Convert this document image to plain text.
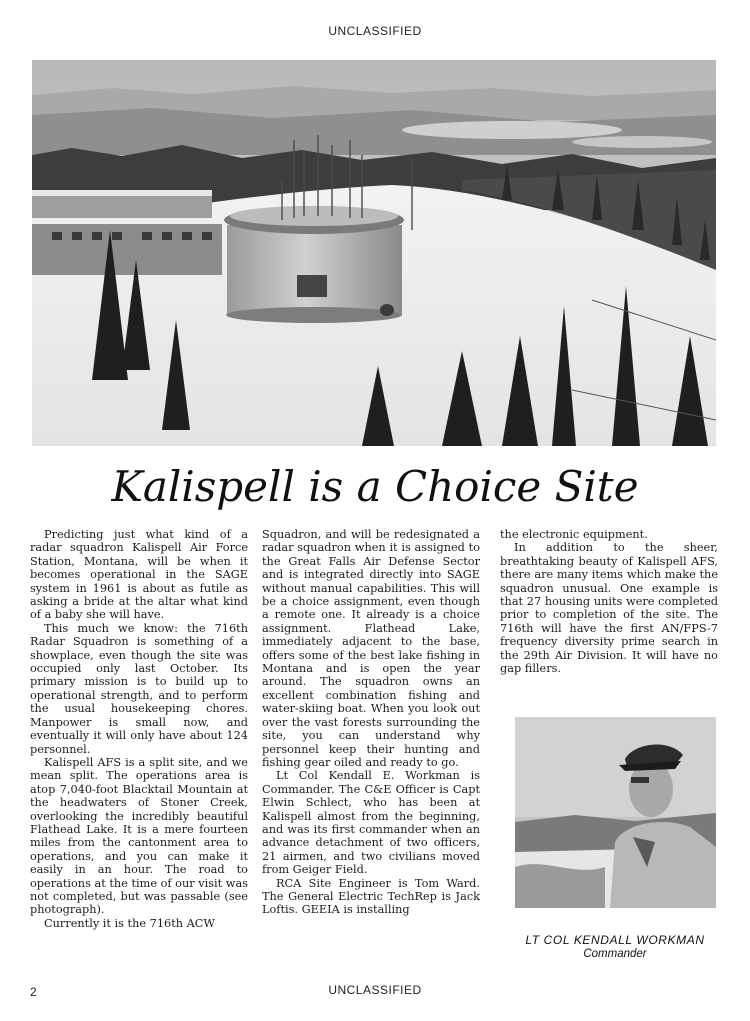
UNCLASSIFIED
Kalispell is a Choice Site

Predicting just what kind of a radar squadron Kalispell Air Force Station, Montana, will be when it becomes operational in the SAGE system in 1961 is about as futile as asking a bride at the altar what kind of a baby she will have.

This much we know: the 716th Radar Squadron is something of a showplace, even though the site was occupied only last October. Its primary mission is to build up to operational strength, and to perform the usual housekeeping chores. Manpower is small now, and eventually it will only have about 124 personnel.

Kalispell AFS is a split site, and we mean split. The operations area is atop 7,040-foot Blacktail Mountain at the headwaters of Stoner Creek, overlooking the incredibly beautiful Flathead Lake. It is a mere fourteen miles from the cantonment area to operations, and you can make it easily in an hour. The road to operations at the time of our visit was not completed, but was passable (see photograph).

Currently it is the 716th ACW

Squadron, and will be redesignated a radar squadron when it is assigned to the Great Falls Air Defense Sector and is integrated directly into SAGE without manual capabilities. This will be a choice assignment, even though a remote one. It already is a choice assignment. Flathead Lake, immediately adjacent to the base, offers some of the best lake fishing in Montana and is open the year around. The squadron owns an excellent combination fishing and water-skiing boat. When you look out over the vast forests surrounding the site, you can understand why personnel keep their hunting and fishing gear oiled and ready to go.

Lt Col Kendall E. Workman is Commander. The C&E Officer is Capt Elwin Schlect, who has been at Kalispell almost from the beginning, and was its first commander when an advance detachment of two officers, 21 airmen, and two civilians moved from Geiger Field.

RCA Site Engineer is Tom Ward. The General Electric TechRep is Jack Loftis. GEEIA is installing

the electronic equipment.

In addition to the sheer, breathtaking beauty of Kalispell AFS, there are many items which make the squadron unusual. One example is that 27 housing units were completed prior to completion of the site. The 716th will have the first AN/FPS-7 frequency diversity prime search in the 29th Air Division. It will have no gap fillers.

LT COL KENDALL WORKMAN
Commander
2	UNCLASSIFIED
